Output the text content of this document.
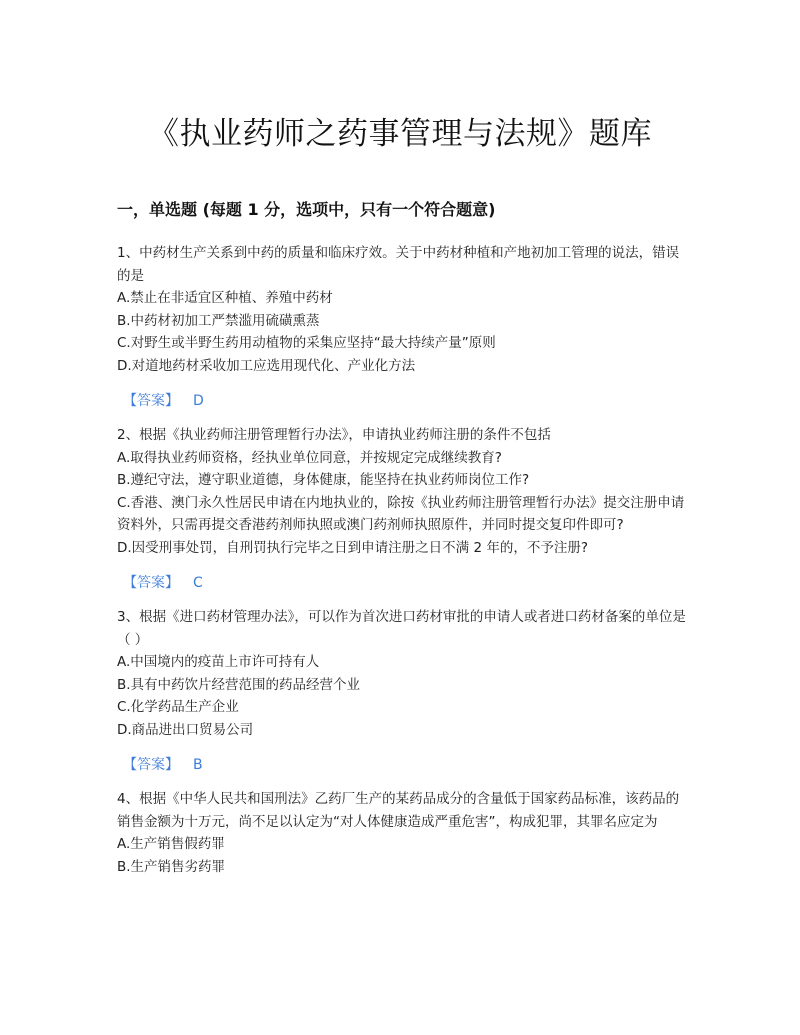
《执业药师之药事管理与法规》题库
一，单选题 (每题 1 分，选项中，只有一个符合题意)

1、中药材生产关系到中药的质量和临床疗效。关于中药材种植和产地初加工管理的说法，错误的是

A.禁止在非适宜区种植、养殖中药材

B.中药材初加工严禁滥用硫磺熏蒸

C.对野生或半野生药用动植物的采集应坚持“最大持续产量”原则

D.对道地药材采收加工应选用现代化、产业化方法

【答案】 D

2、根据《执业药师注册管理暂行办法》，申请执业药师注册的条件不包括

A.取得执业药师资格，经执业单位同意，并按规定完成继续教育?

B.遵纪守法，遵守职业道德，身体健康，能坚持在执业药师岗位工作?

C.香港、澳门永久性居民申请在内地执业的，除按《执业药师注册管理暂行办法》提交注册申请资料外，只需再提交香港药剂师执照或澳门药剂师执照原件，并同时提交复印件即可?

D.因受刑事处罚，自刑罚执行完毕之日到申请注册之日不满 2 年的，不予注册?

【答案】 C

3、根据《进口药材管理办法》，可以作为首次进口药材审批的申请人或者进口药材备案的单位是（ ）

A.中国境内的疫苗上市许可持有人

B.具有中药饮片经营范围的药品经营个业

C.化学药品生产企业

D.商品进出口贸易公司

【答案】 B

4、根据《中华人民共和国刑法》乙药厂生产的某药品成分的含量低于国家药品标准，该药品的销售金额为十万元，尚不足以认定为“对人体健康造成严重危害”，构成犯罪，其罪名应定为

A.生产销售假药罪

B.生产销售劣药罪
